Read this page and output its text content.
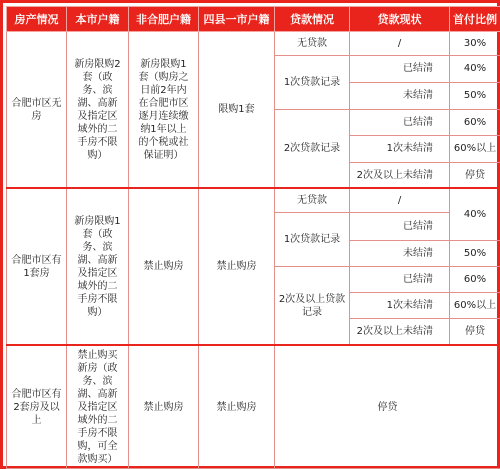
房产情况	本市户籍	非合肥户籍	四县一市户籍	贷款情况	贷款现状	首付比例
合肥市区无房	新房限购2套（政务、滨湖、高新及指定区域外的二手房不限购）	新房限购1套（购房之日前2年内在合肥市区逐月连续缴纳1年以上的个税或社保证明）	限购1套	无贷款	/	30%
				1次贷款记录	已结清	40%
					未结清	50%
				2次贷款记录	已结清	60%
					1次未结清	60%以上
					2次及以上未结清	停贷
合肥市区有1套房	新房限购1套（政务、滨湖、高新及指定区域外的二手房不限购）	禁止购房	禁止购房	无贷款	/	40%
				1次贷款记录	已结清	
					未结清	50%
				2次及以上贷款记录	已结清	60%
					1次未结清	60%以上
					2次及以上未结清	停贷
合肥市区有2套房及以上	禁止购买新房（政务、滨湖、高新及指定区域外的二手房不限购，可全款购买）	禁止购房	禁止购房	停贷		
